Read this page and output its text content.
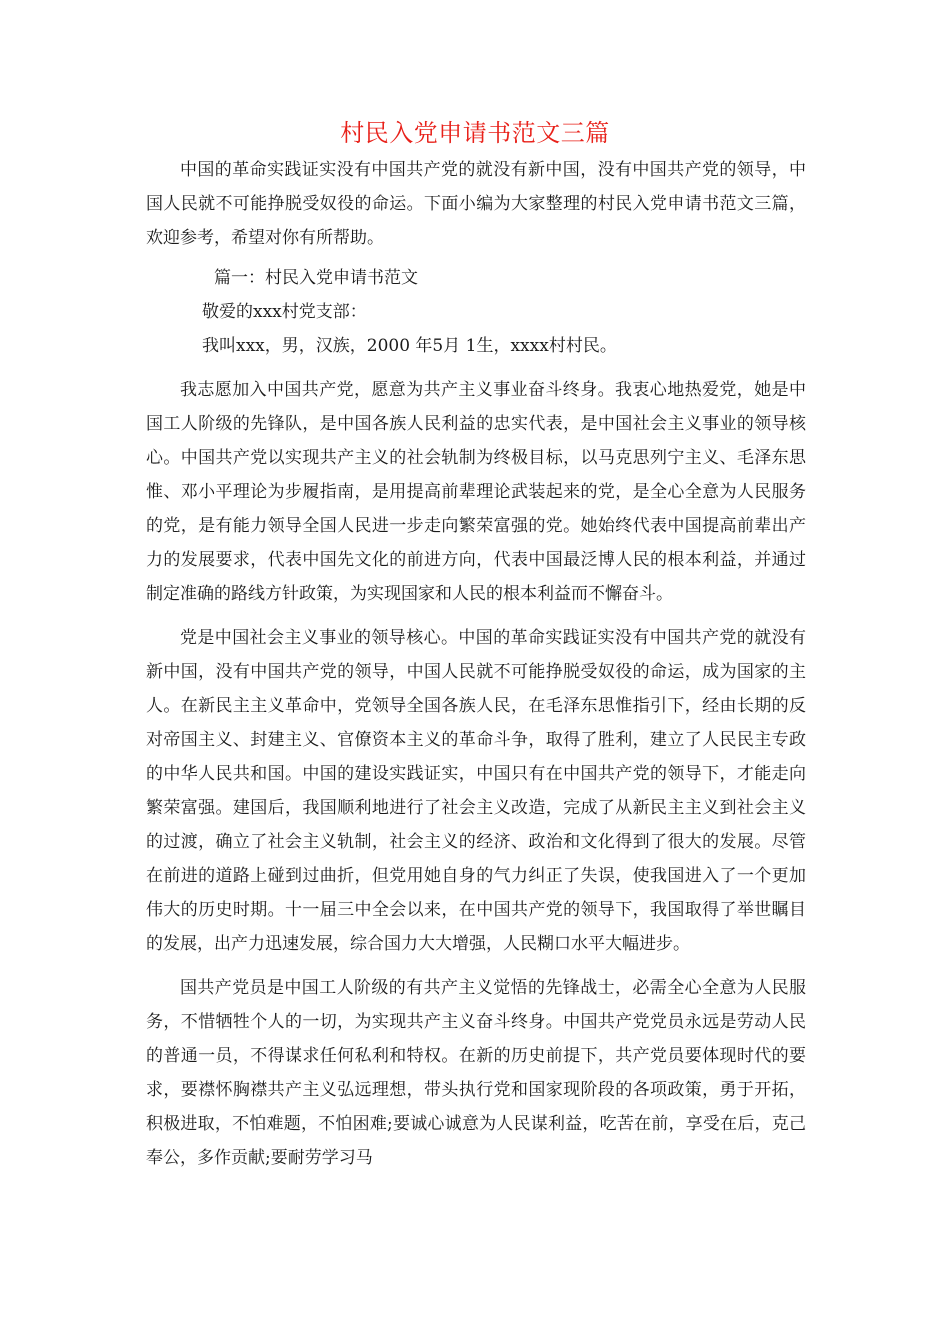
村民入党申请书范文三篇

中国的革命实践证实没有中国共产党的就没有新中国，没有中国共产党的领导，中国人民就不可能挣脱受奴役的命运。下面小编为大家整理的村民入党申请书范文三篇，欢迎参考，希望对你有所帮助。

篇一：村民入党申请书范文

敬爱的xxx村党支部：

我叫xxx，男，汉族，2000 年5月 1生，xxxx村村民。

我志愿加入中国共产党，愿意为共产主义事业奋斗终身。我衷心地热爱党，她是中国工人阶级的先锋队，是中国各族人民利益的忠实代表，是中国社会主义事业的领导核心。中国共产党以实现共产主义的社会轨制为终极目标，以马克思列宁主义、毛泽东思惟、邓小平理论为步履指南，是用提高前辈理论武装起来的党，是全心全意为人民服务的党，是有能力领导全国人民进一步走向繁荣富强的党。她始终代表中国提高前辈出产力的发展要求，代表中国先文化的前进方向，代表中国最泛博人民的根本利益，并通过制定准确的路线方针政策，为实现国家和人民的根本利益而不懈奋斗。

党是中国社会主义事业的领导核心。中国的革命实践证实没有中国共产党的就没有新中国，没有中国共产党的领导，中国人民就不可能挣脱受奴役的命运，成为国家的主人。在新民主主义革命中，党领导全国各族人民，在毛泽东思惟指引下，经由长期的反对帝国主义、封建主义、官僚资本主义的革命斗争，取得了胜利，建立了人民民主专政的中华人民共和国。中国的建设实践证实，中国只有在中国共产党的领导下，才能走向繁荣富强。建国后，我国顺利地进行了社会主义改造，完成了从新民主主义到社会主义的过渡，确立了社会主义轨制，社会主义的经济、政治和文化得到了很大的发展。尽管在前进的道路上碰到过曲折，但党用她自身的气力纠正了失误，使我国进入了一个更加伟大的历史时期。十一届三中全会以来，在中国共产党的领导下，我国取得了举世瞩目的发展，出产力迅速发展，综合国力大大增强，人民糊口水平大幅进步。

国共产党员是中国工人阶级的有共产主义觉悟的先锋战士，必需全心全意为人民服务，不惜牺牲个人的一切，为实现共产主义奋斗终身。中国共产党党员永远是劳动人民的普通一员，不得谋求任何私利和特权。在新的历史前提下，共产党员要体现时代的要求，要襟怀胸襟共产主义弘远理想，带头执行党和国家现阶段的各项政策，勇于开拓，积极进取，不怕难题，不怕困难;要诚心诚意为人民谋利益，吃苦在前，享受在后，克己奉公，多作贡献;要耐劳学习马
